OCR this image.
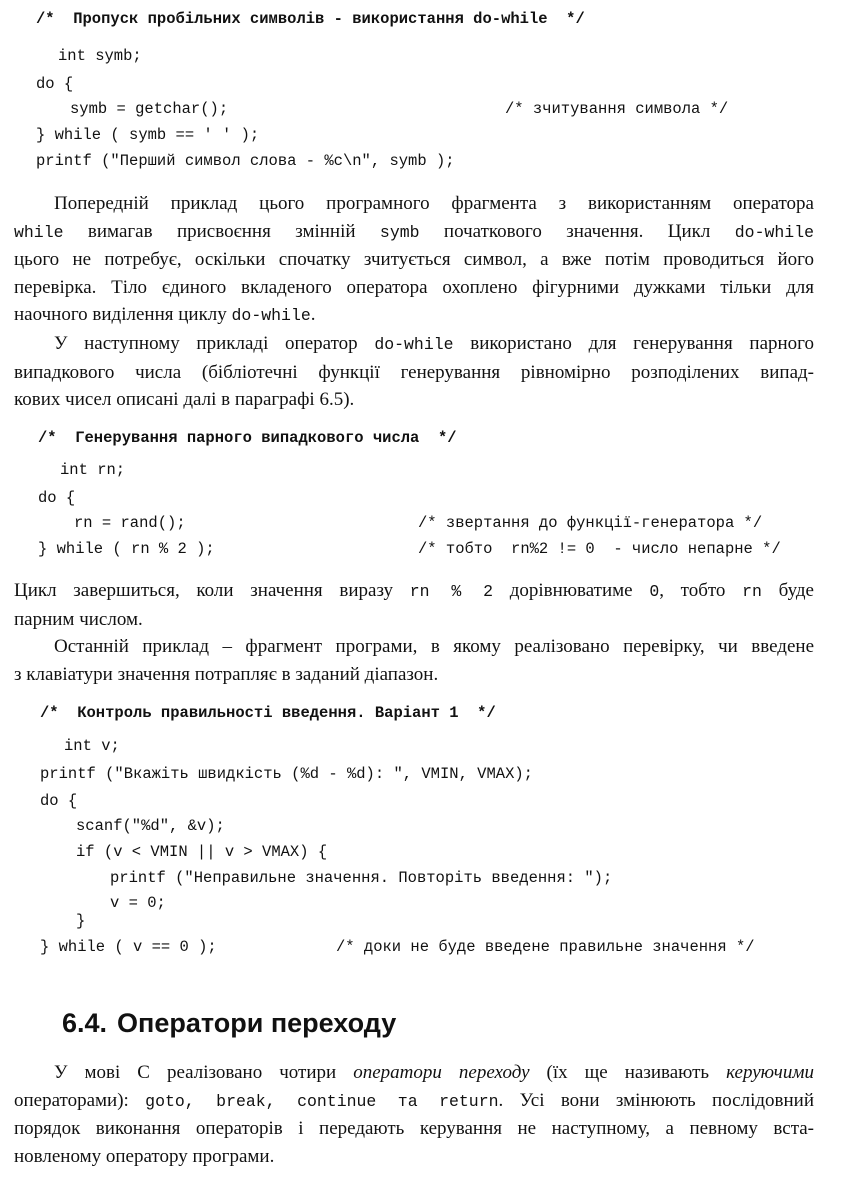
/*  Пропуск пробільних символів - використання do-while  */
int symb;
do {
symb = getchar();	/* зчитування символа */
} while ( symb == ' ' );
printf ("Перший символ слова - %c\n", symb );
Попередній приклад цього програмного фрагмента з використанням оператора
while вимагав присвоєння змінній symb початкового значення. Цикл do-while
цього не потребує, оскільки спочатку зчитується символ, а вже потім проводиться його
перевірка. Тіло єдиного вкладеного оператора охоплено фігурними дужками тільки для
наочного виділення циклу do-while.
У наступному прикладі оператор do-while використано для генерування парного
випадкового числа (бібліотечні функції генерування рівномірно розподілених випад-
кових чисел описані далі в параграфі 6.5).
/*  Генерування парного випадкового числа  */
int rn;
do {
rn = rand();	/* звертання до функції-генератора */
} while ( rn % 2 );	/* тобто  rn%2 != 0  - число непарне */
Цикл завершиться, коли значення виразу rn % 2 дорівнюватиме 0, тобто rn буде
парним числом.
Останній приклад – фрагмент програми, в якому реалізовано перевірку, чи введене
з клавіатури значення потрапляє в заданий діапазон.
/*  Контроль правильності введення. Варіант 1  */
int v;
printf ("Вкажіть швидкість (%d - %d): ", VMIN, VMAX);
do {
scanf("%d", &v);
if (v < VMIN || v > VMAX) {
printf ("Неправильне значення. Повторіть введення: ");
v = 0;
}
} while ( v == 0 );	/* доки не буде введене правильне значення */
6.4. Оператори переходу
У мові С реалізовано чотири оператори переходу (їх ще називають керуючими
операторами): goto, break, continue та return. Усі вони змінюють послідовний
порядок виконання операторів і передають керування не наступному, а певному вста-
новленому оператору програми.
